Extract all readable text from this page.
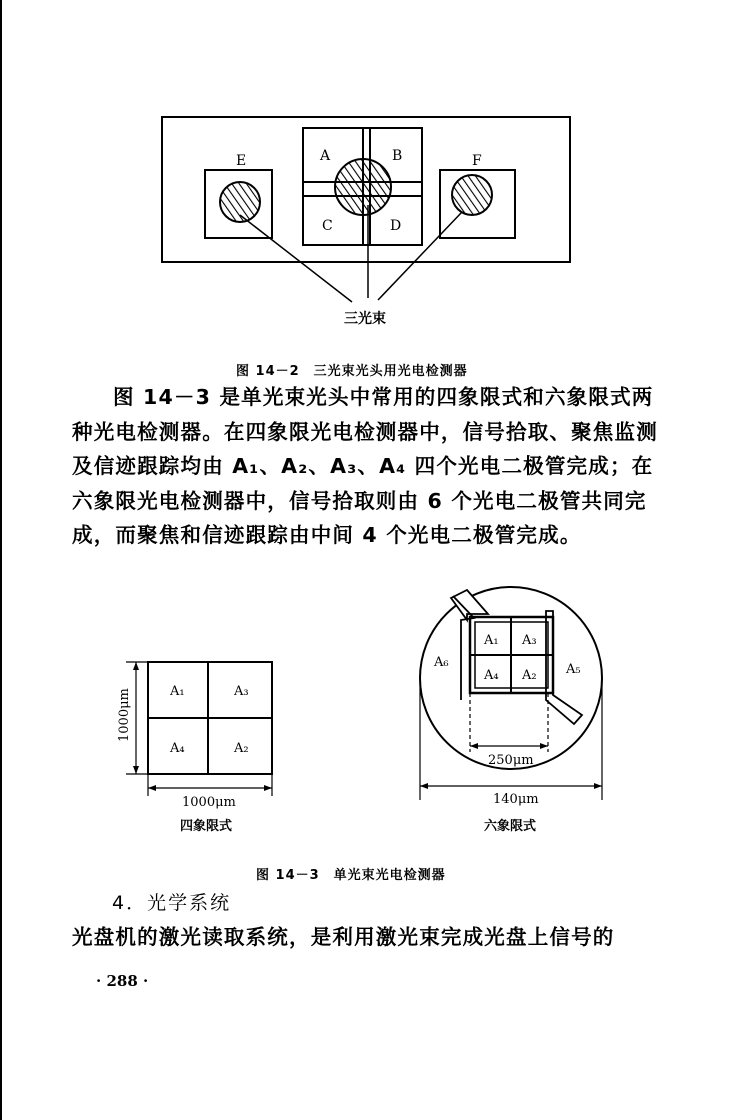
E	F
A	B
C	D
三光束
A₁	A₃
A₄	A₂
1000μm
1000μm
四象限式
A₁ A₃
A₄ A₂
A₆	A₅
250μm
140μm
六象限式
图 14－2　三光束光头用光电检测器

图 14－3 是单光束光头中常用的四象限式和六象限式两种光电检测器。在四象限光电检测器中，信号拾取、聚焦监测及信迹跟踪均由 A₁、A₂、A₃、A₄ 四个光电二极管完成；在六象限光电检测器中，信号拾取则由 6 个光电二极管共同完成，而聚焦和信迹跟踪由中间 4 个光电二极管完成。

图 14－3　单光束光电检测器
4．光学系统
光盘机的激光读取系统，是利用激光束完成光盘上信号的
· 288 ·
